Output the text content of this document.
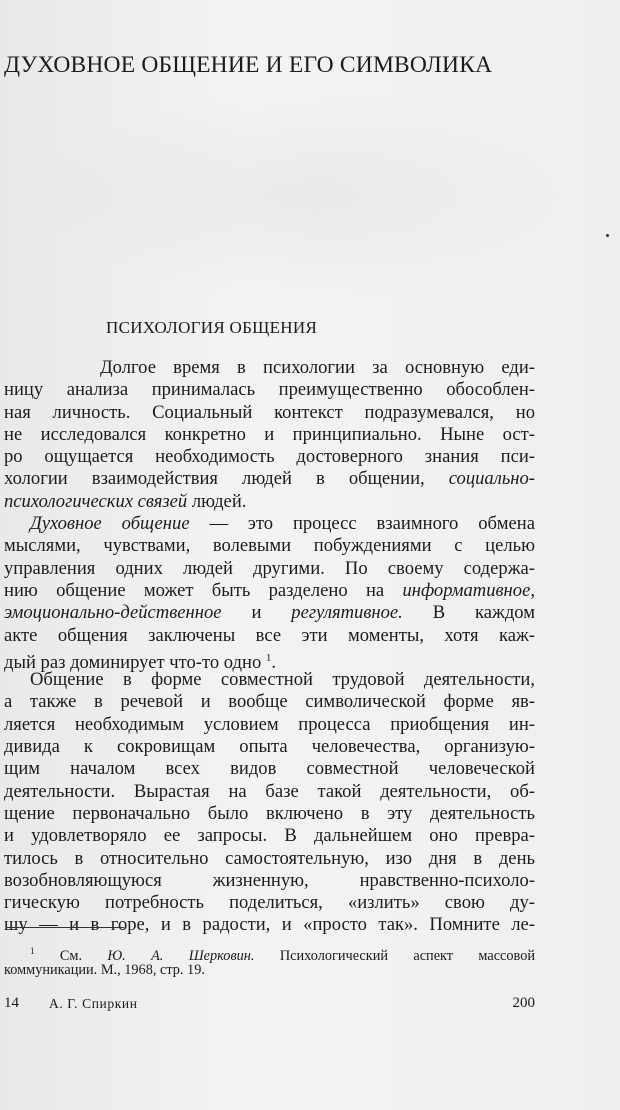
ДУХОВНОЕ ОБЩЕНИЕ И ЕГО СИМВОЛИКА
ПСИХОЛОГИЯ ОБЩЕНИЯ
Долгое время в психологии за основную еди-
ницу анализа принималась преимущественно обособлен-
ная личность. Социальный контекст подразумевался, но
не исследовался конкретно и принципиально. Ныне ост-
ро ощущается необходимость достоверного знания пси-
хологии взаимодействия людей в общении, социально-
психологических связей людей.
Духовное общение — это процесс взаимного обмена
мыслями, чувствами, волевыми побуждениями с целью
управления одних людей другими. По своему содержа-
нию общение может быть разделено на информативное,
эмоционально-действенное и регулятивное. В каждом
акте общения заключены все эти моменты, хотя каж-
дый раз доминирует что-то одно $^1$.
Общение в форме совместной трудовой деятельности,
а также в речевой и вообще символической форме яв-
ляется необходимым условием процесса приобщения ин-
дивида к сокровищам опыта человечества, организую-
щим началом всех видов совместной человеческой
деятельности. Вырастая на базе такой деятельности, об-
щение первоначально было включено в эту деятельность
и удовлетворяло ее запросы. В дальнейшем оно превра-
тилось в относительно самостоятельную, изо дня в день
возобновляющуюся жизненную, нравственно-психоло-
гическую потребность поделиться, «излить» свою ду-
шу — и в горе, и в радости, и «просто так». Помните ле-
$^1$ См. Ю. А. Шерковин. Психологический аспект массовой
коммуникации. М., 1968, стр. 19.
14 А. Г. Спиркин	200
